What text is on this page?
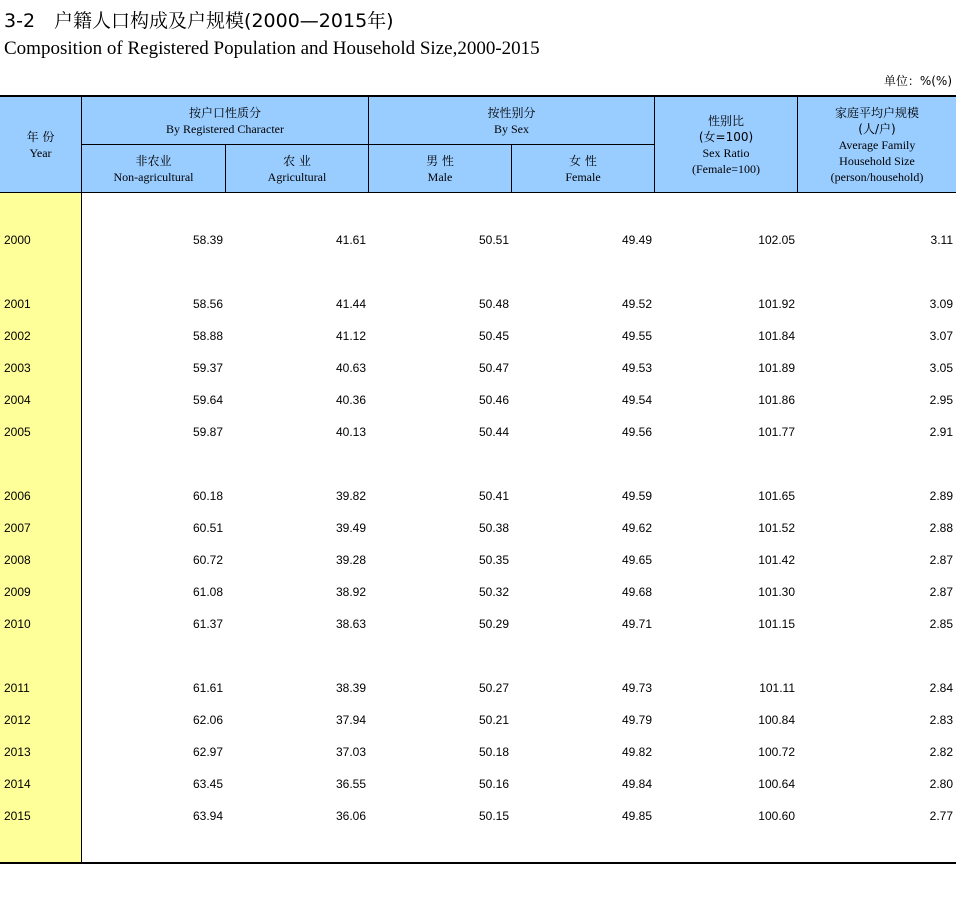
3-2　户籍人口构成及户规模(2000—2015年)
Composition of Registered Population and Household Size,2000-2015
单位：%(%)
年 份
Year
按户口性质分
By Registered Character
非农业
Non-agricultural
农 业
Agricultural
按性别分
By Sex
男 性
Male
女 性
Female
性别比
(女=100)
Sex Ratio
(Female=100)
家庭平均户规模
(人/户)
Average Family
Household Size
(person/household)
2000	58.39	41.61	50.51	49.49	102.05	3.11
2001	58.56	41.44	50.48	49.52	101.92	3.09
2002	58.88	41.12	50.45	49.55	101.84	3.07
2003	59.37	40.63	50.47	49.53	101.89	3.05
2004	59.64	40.36	50.46	49.54	101.86	2.95
2005	59.87	40.13	50.44	49.56	101.77	2.91
2006	60.18	39.82	50.41	49.59	101.65	2.89
2007	60.51	39.49	50.38	49.62	101.52	2.88
2008	60.72	39.28	50.35	49.65	101.42	2.87
2009	61.08	38.92	50.32	49.68	101.30	2.87
2010	61.37	38.63	50.29	49.71	101.15	2.85
2011	61.61	38.39	50.27	49.73	101.11	2.84
2012	62.06	37.94	50.21	49.79	100.84	2.83
2013	62.97	37.03	50.18	49.82	100.72	2.82
2014	63.45	36.55	50.16	49.84	100.64	2.80
2015	63.94	36.06	50.15	49.85	100.60	2.77
